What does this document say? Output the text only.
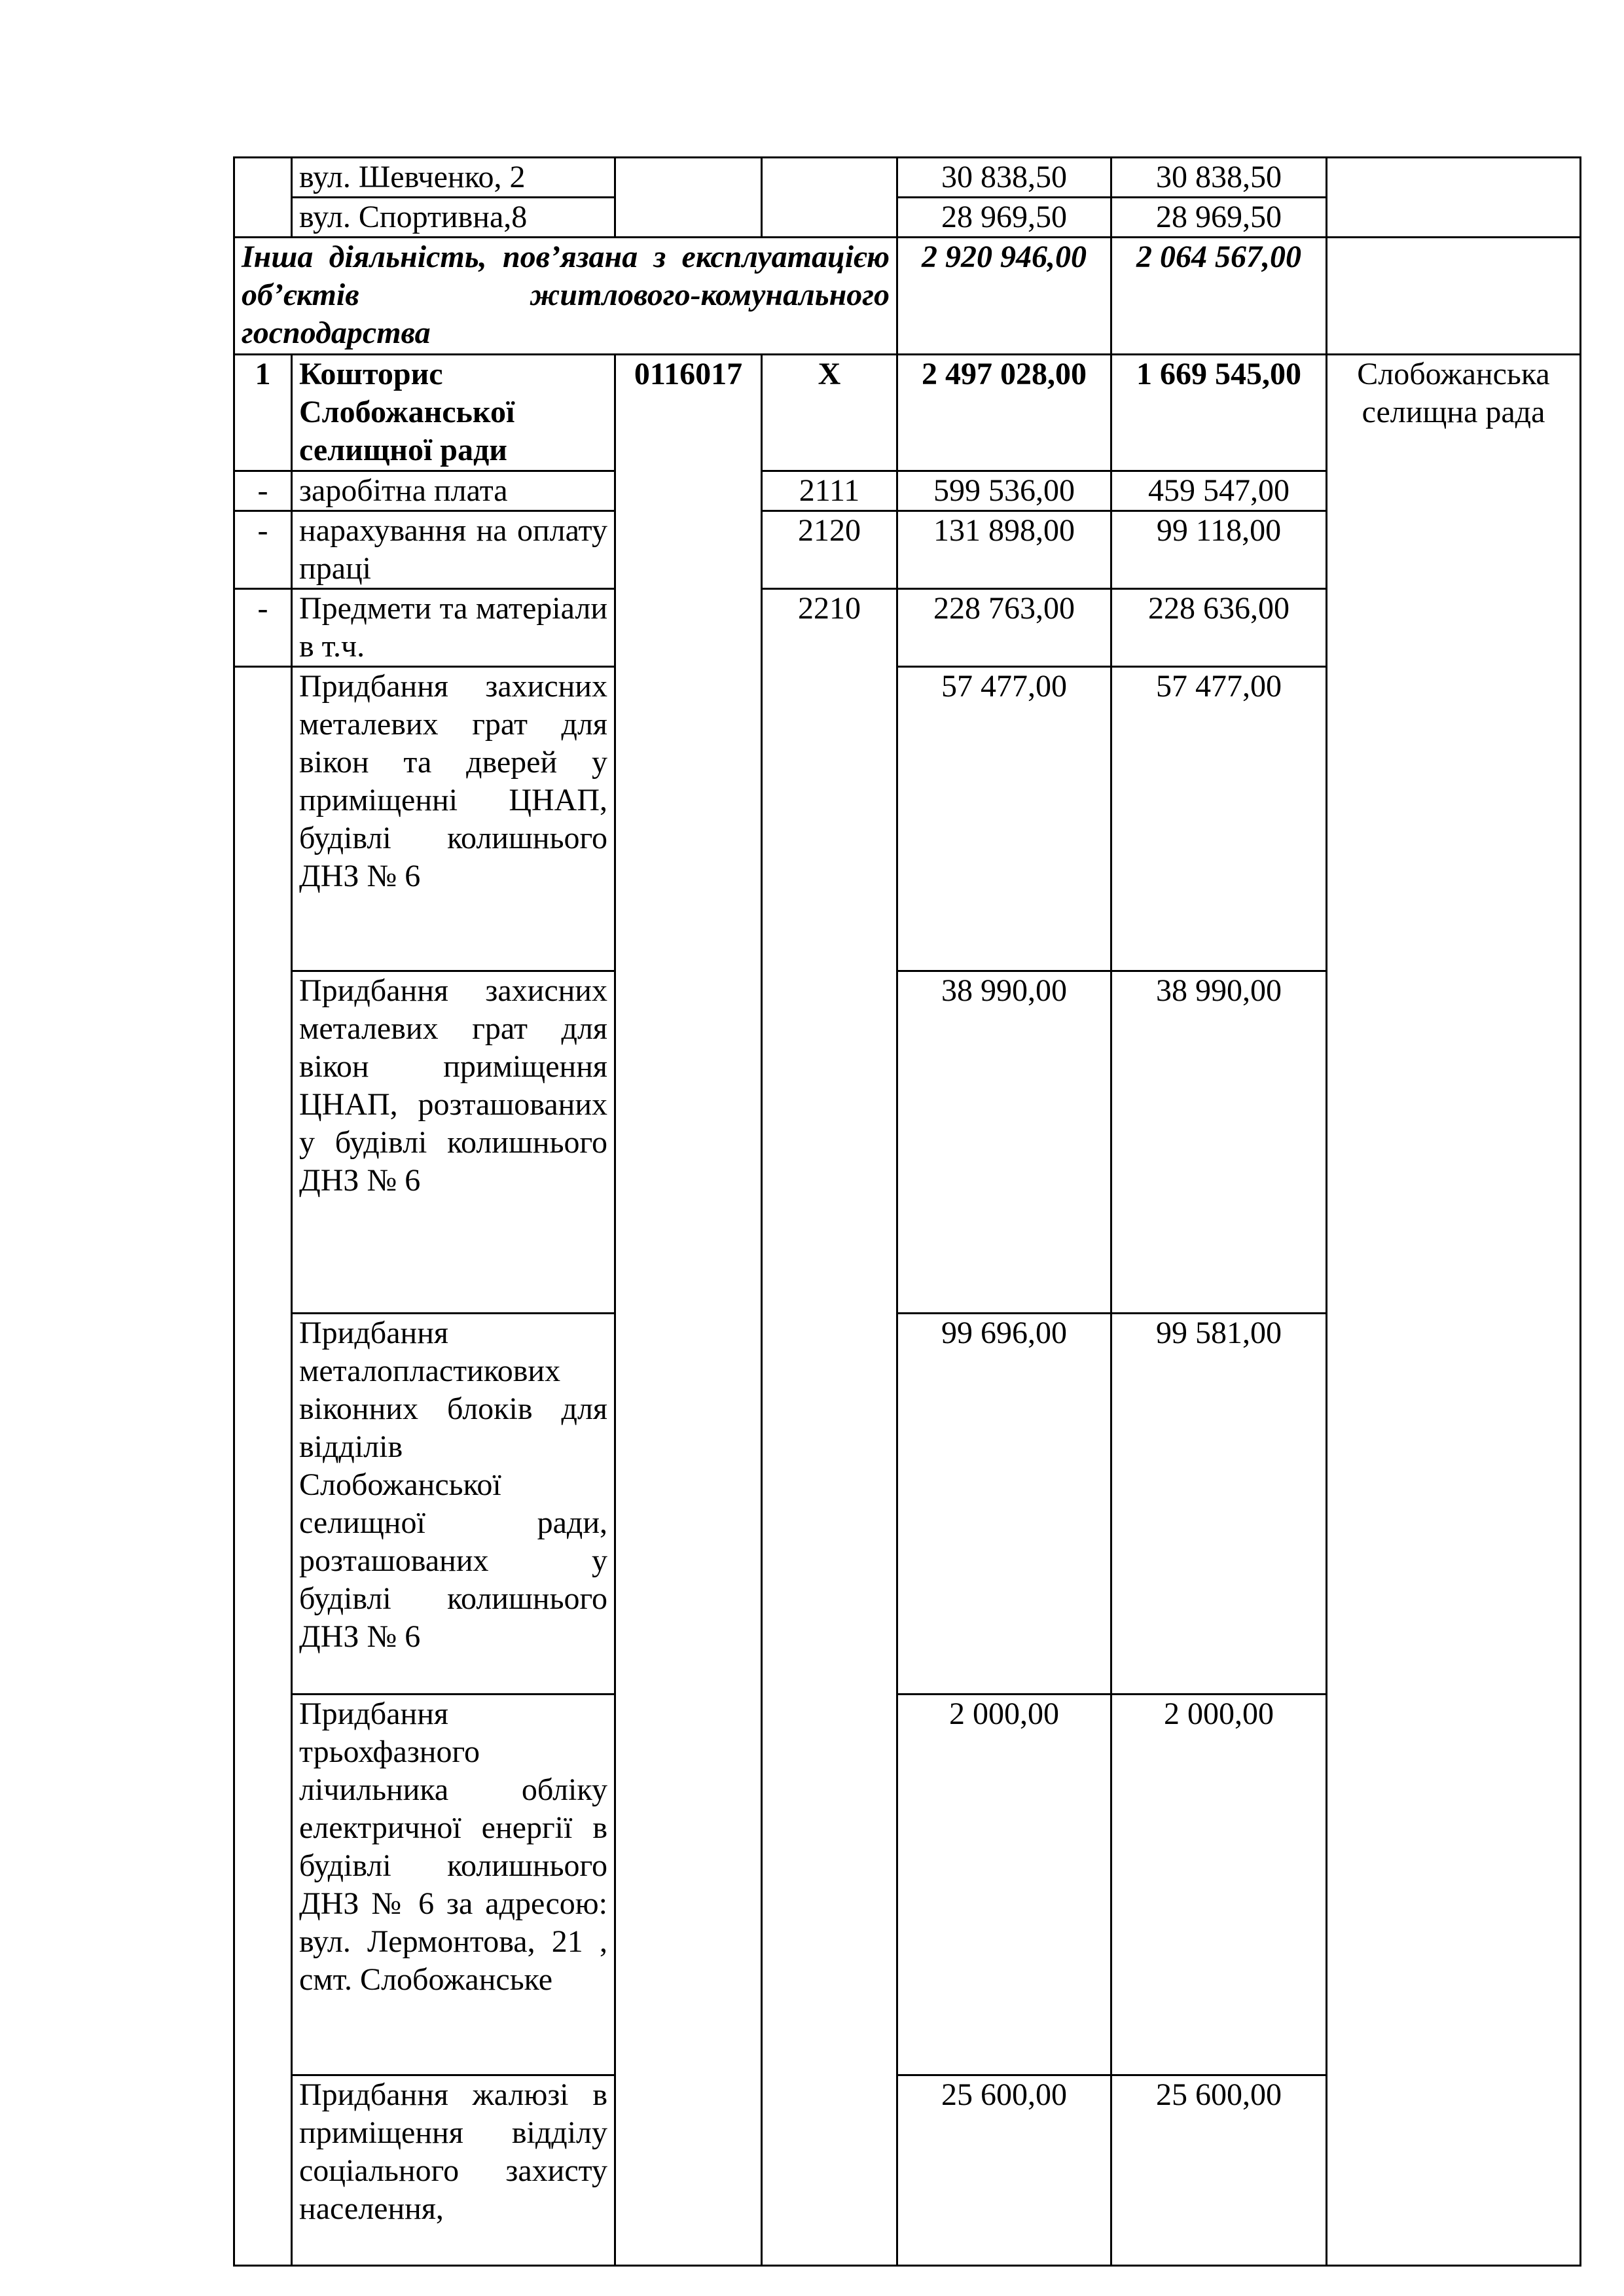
	вул. Шевченко, 2			30 838,50	30 838,50	
	вул. Спортивна,8			28 969,50	28 969,50	
Інша діяльність, пов’язана з експлуатацією об’єктів житлового-комунального господарства				2 920 946,00	2 064 567,00	
1	Кошторис Слобожанської селищної ради	0116017	X	2 497 028,00	1 669 545,00	Слобожанська селищна рада
-	заробітна плата		2111	599 536,00	459 547,00	
-	нарахування на оплату праці		2120	131 898,00	99 118,00	
-	Предмети та матеріали в т.ч.		2210	228 763,00	228 636,00	
	Придбання захисних металевих грат для вікон та дверей у приміщенні ЦНАП, будівлі колишнього ДНЗ № 6			57 477,00	57 477,00	
	Придбання захисних металевих грат для вікон приміщення ЦНАП, розташованих у будівлі колишнього ДНЗ № 6			38 990,00	38 990,00	
	Придбання металопластикових віконних блоків для відділів Слобожанської селищної ради, розташованих у будівлі колишнього ДНЗ № 6			99 696,00	99 581,00	
	Придбання трьохфазного лічильника обліку електричної енергії в будівлі колишнього ДНЗ № 6 за адресою: вул. Лермонтова, 21 , смт. Слобожанське			2 000,00	2 000,00	
	Придбання жалюзі в приміщення відділу соціального захисту населення,			25 600,00	25 600,00	
